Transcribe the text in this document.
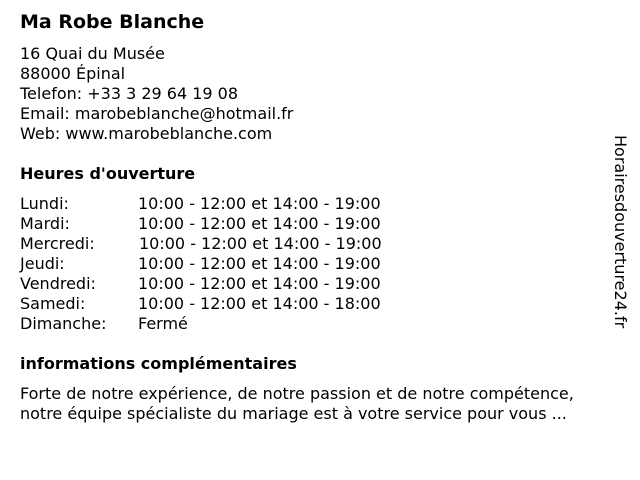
Ma Robe Blanche
16 Quai du Musée
88000 Épinal
Telefon: +33 3 29 64 19 08
Email: marobeblanche@hotmail.fr
Web: www.marobeblanche.com
Heures d'ouverture
Lundi:	10:00 - 12:00 et 14:00 - 19:00
Mardi:	10:00 - 12:00 et 14:00 - 19:00
Mercredi:	10:00 - 12:00 et 14:00 - 19:00
Jeudi:	10:00 - 12:00 et 14:00 - 19:00
Vendredi:	10:00 - 12:00 et 14:00 - 19:00
Samedi:	10:00 - 12:00 et 14:00 - 18:00
Dimanche:	Fermé
informations complémentaires
Forte de notre expérience, de notre passion et de notre compétence,
notre équipe spécialiste du mariage est à votre service pour vous ...
Horairesdouverture24.fr
